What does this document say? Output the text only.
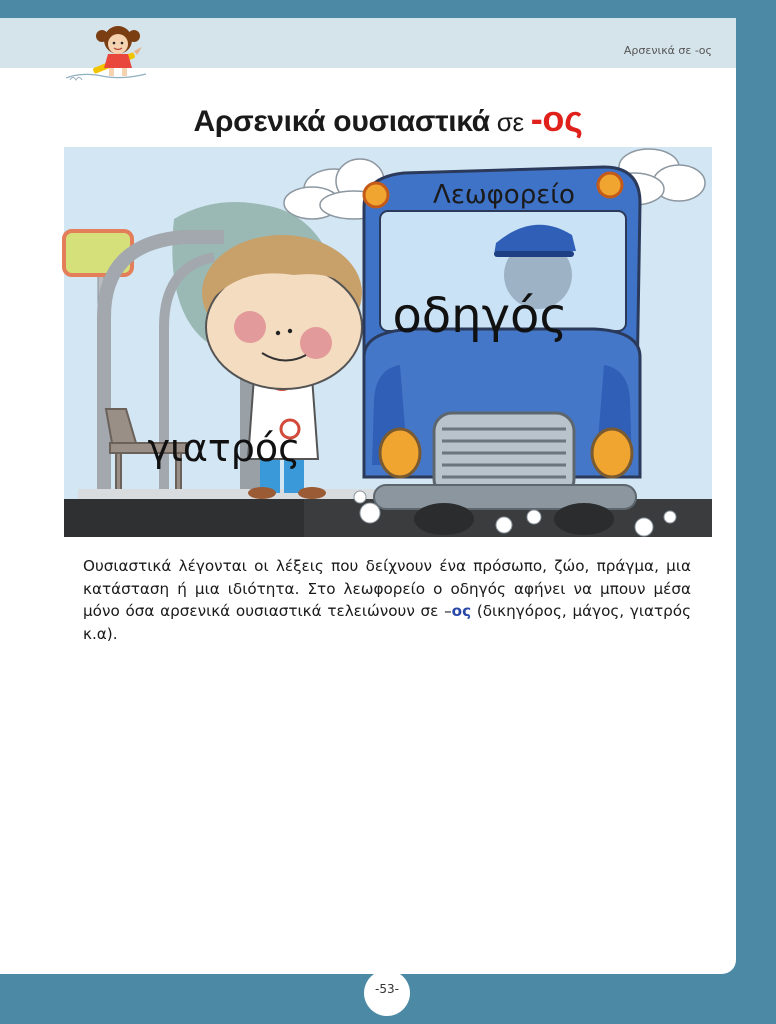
Αρσενικά σε -ος
Αρσενικά ουσιαστικά σε -ος
Λεωφορείο
οδηγός
γιατρός

Ουσιαστικά λέγονται οι λέξεις που δείχνουν ένα πρόσωπο, ζώο, πράγμα, μια κατάσταση ή μια ιδιότητα. Στο λεωφορείο ο οδηγός αφήνει να μπουν μέσα μόνο όσα αρσενικά ουσιαστικά τελειώνουν σε –ος (δικηγόρος, μάγος, γιατρός κ.α).

-53-
